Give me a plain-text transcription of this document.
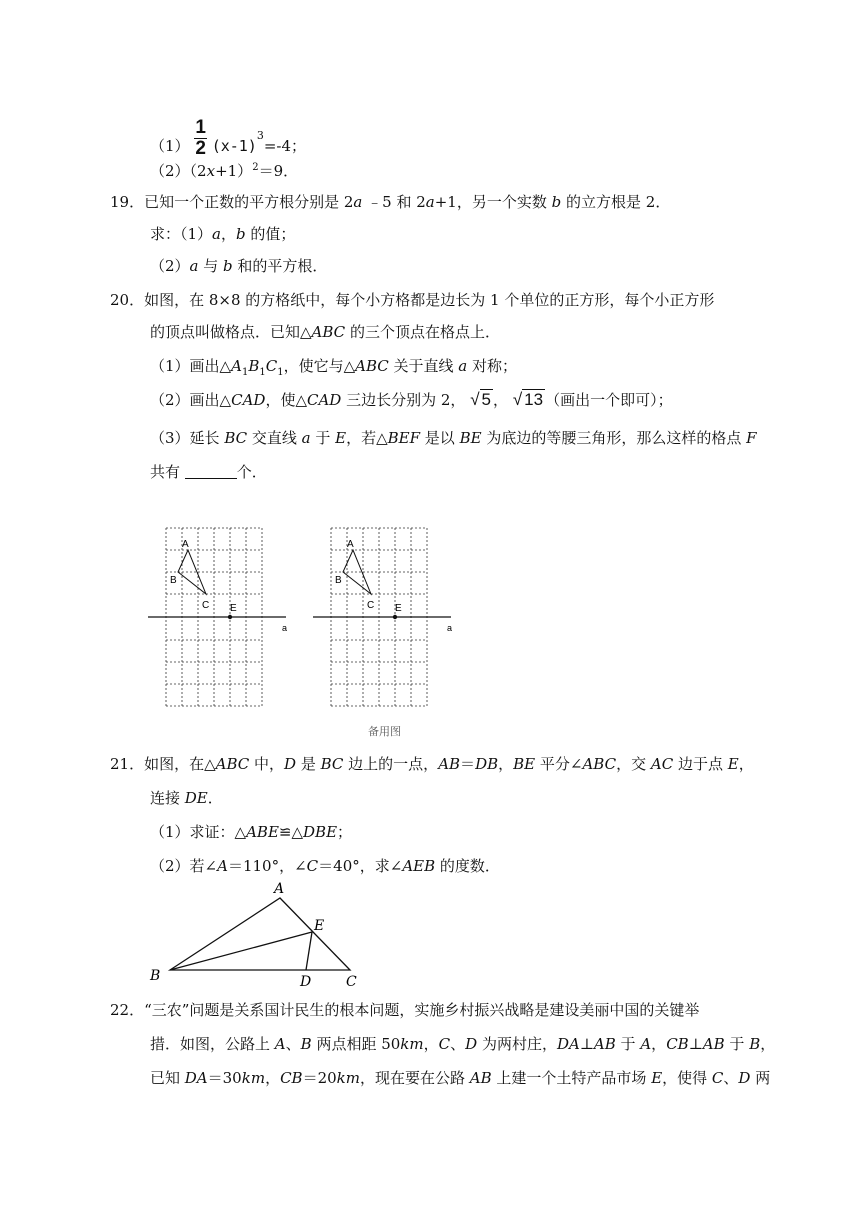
$(1) \frac{1}{2} (x-1)^3=-4$；
$(2)(2x+1)^2=9$．
19．已知一个正数的平方根分别是 2a ﹣5 和 2a+1，另一个实数 b 的立方根是 2．
求：（1）a，b 的值；
（2）a 与 b 和的平方根．
20．如图，在 8×8 的方格纸中，每个小方格都是边长为 1 个单位的正方形，每个小正方形
的顶点叫做格点．已知△ABC 的三个顶点在格点上．
（1）画出$\triangle A_1B_1C_1$，使它与△ABC 关于直线 a 对称；
（2）画出△CAD，使△CAD 三边长分别为 2， √ 5 ， √ 13 （画出一个即可）；
（3）延长 BC 交直线 a 于 E，若△BEF 是以 BE 为底边的等腰三角形，那么这样的格点 F
共有	个．
A
B
C E
a
A
B
C E
a
备用图
21．如图，在△ABC 中，D 是 BC 边上的一点，AB＝DB，BE 平分∠ABC，交 AC 边于点 E，
连接 DE．
（1）求证：△ABE≌△DBE；
（2）若∠A＝110°，∠C＝40°，求∠AEB 的度数．
A
B	C
D
E
22．“三农”问题是关系国计民生的根本问题，实施乡村振兴战略是建设美丽中国的关键举
措．如图，公路上 A、B 两点相距 50km，C、D 为两村庄，DA⊥AB 于 A，CB⊥AB 于 B，
已知 DA＝30km，CB＝20km，现在要在公路 AB 上建一个土特产品市场 E，使得 C、D 两
